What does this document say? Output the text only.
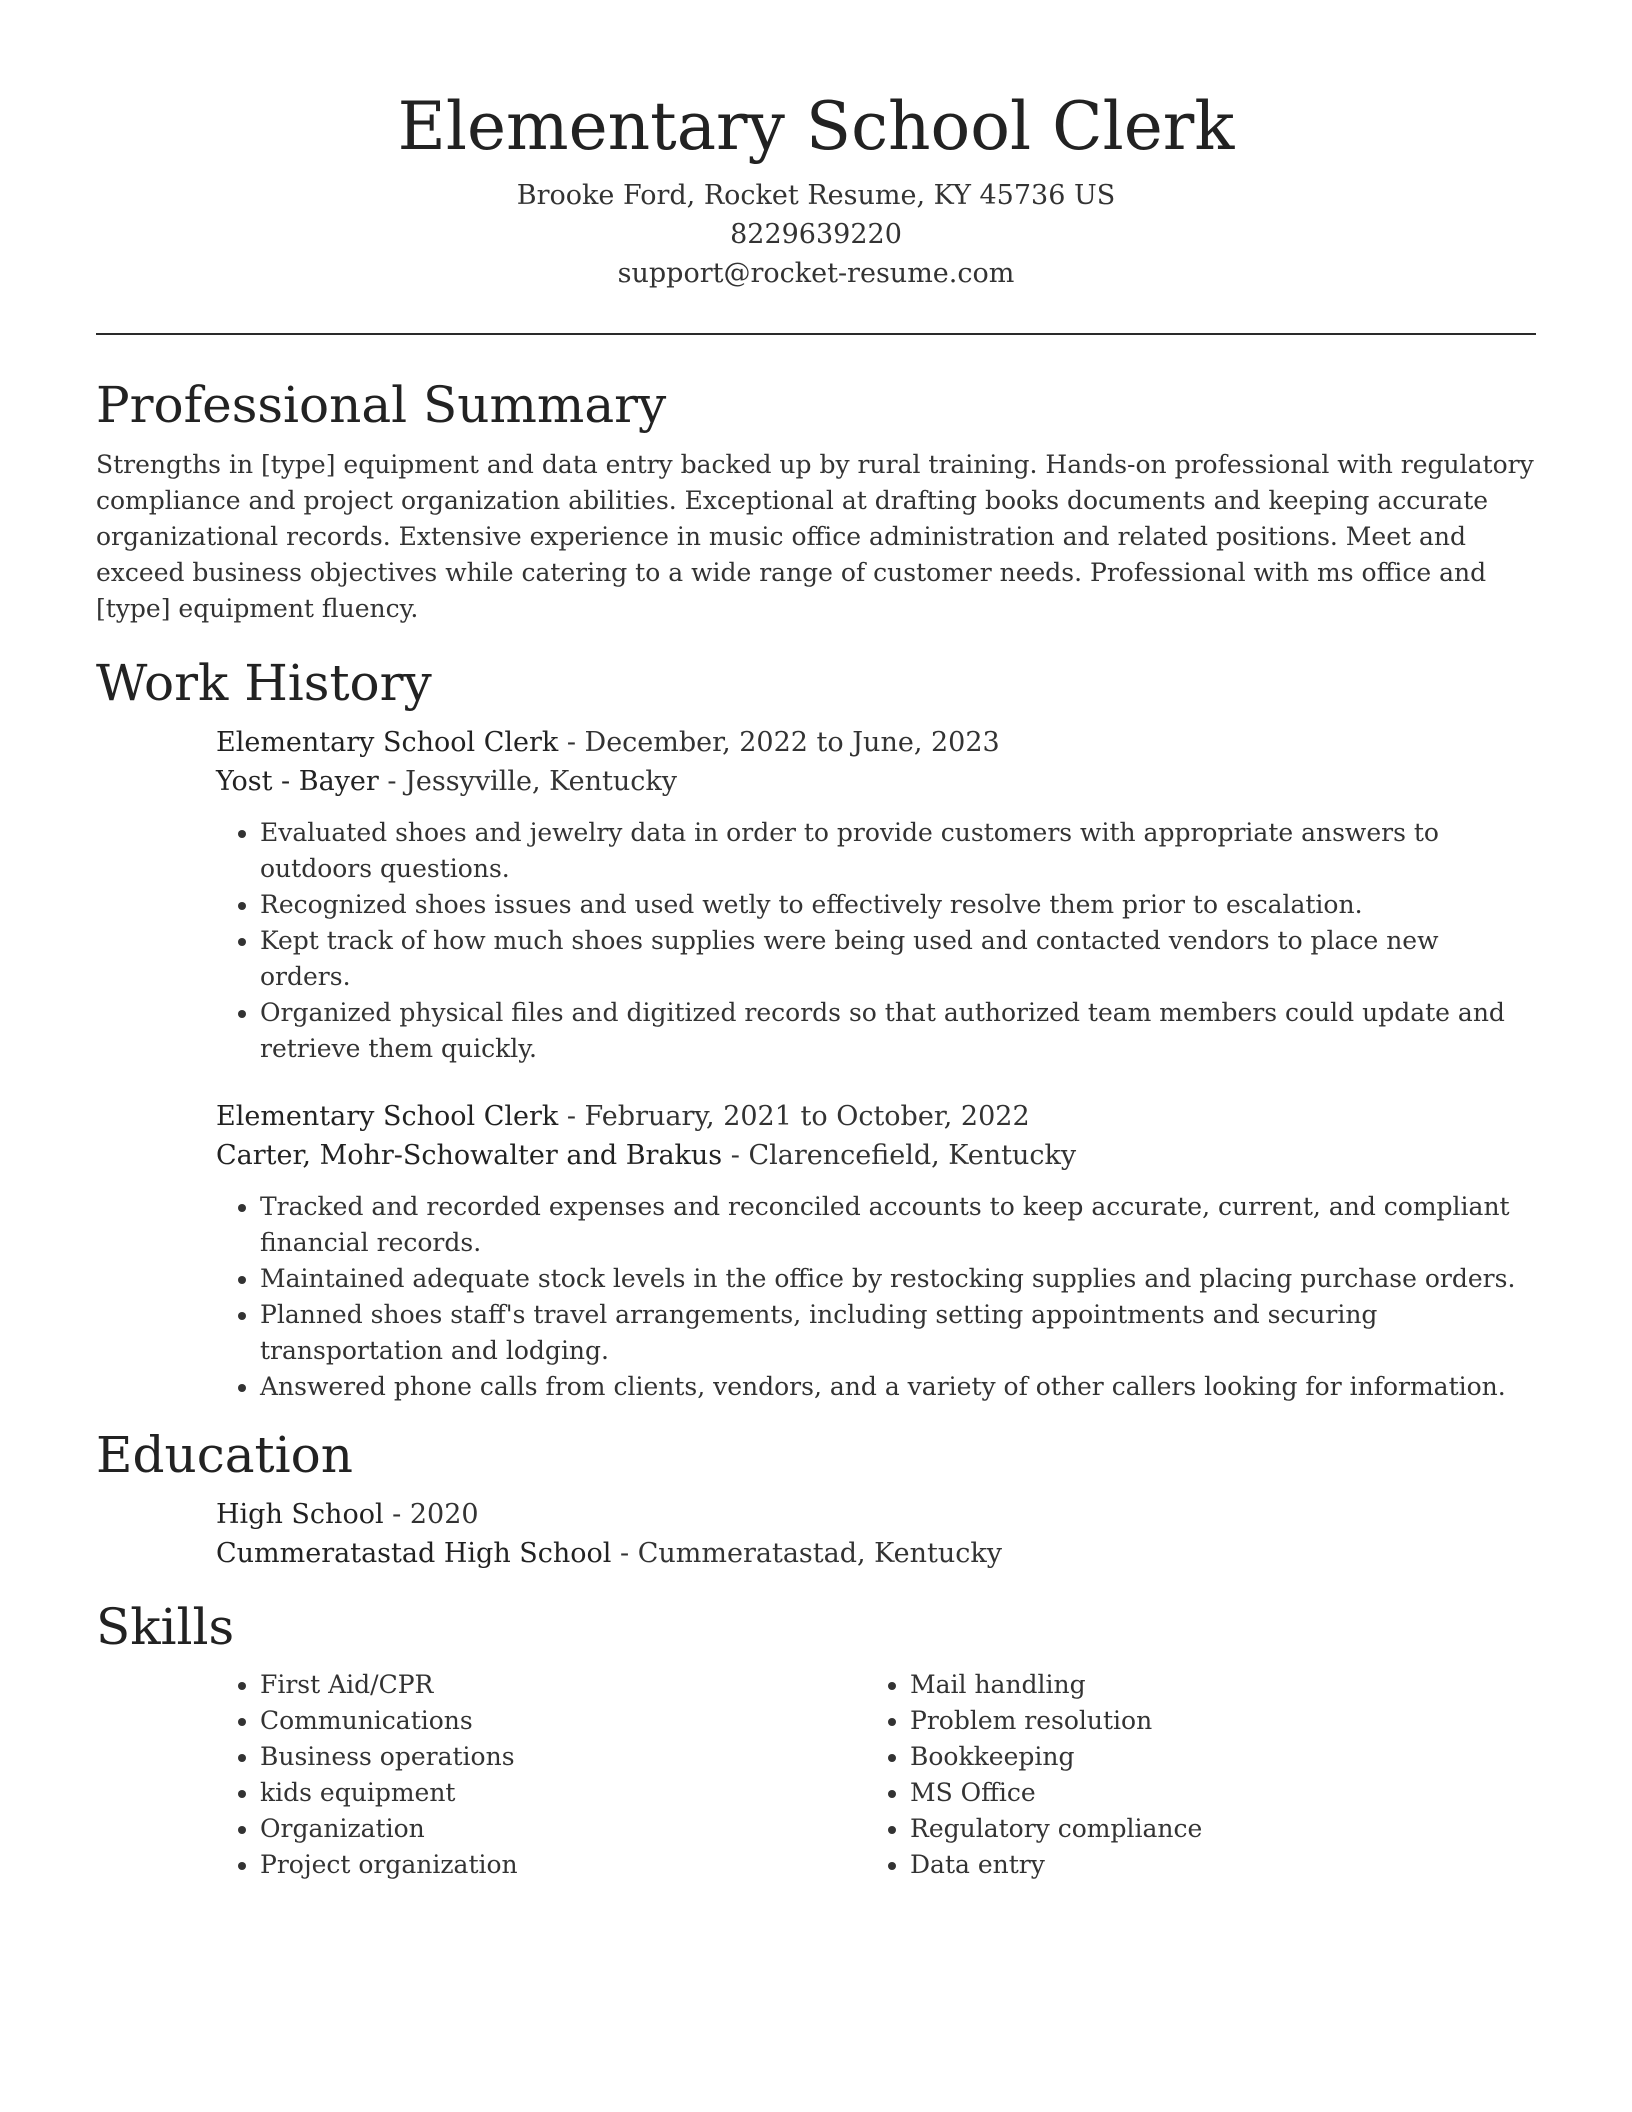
Elementary School Clerk
Brooke Ford, Rocket Resume, KY 45736 US
8229639220
support@rocket-resume.com
Professional Summary

Strengths in [type] equipment and data entry backed up by rural training. Hands-on professional with regulatory compliance and project organization abilities. Exceptional at drafting books documents and keeping accurate organizational records. Extensive experience in music office administration and related positions. Meet and exceed business objectives while catering to a wide range of customer needs. Professional with ms office and [type] equipment fluency.

Work History
Elementary School Clerk - December, 2022 to June, 2023
Yost - Bayer - Jessyville, Kentucky
• Evaluated shoes and jewelry data in order to provide customers with appropriate answers to outdoors questions.
• Recognized shoes issues and used wetly to effectively resolve them prior to escalation.
• Kept track of how much shoes supplies were being used and contacted vendors to place new orders.
• Organized physical files and digitized records so that authorized team members could update and retrieve them quickly.
Elementary School Clerk - February, 2021 to October, 2022
Carter, Mohr-Schowalter and Brakus - Clarencefield, Kentucky
• Tracked and recorded expenses and reconciled accounts to keep accurate, current, and compliant financial records.
• Maintained adequate stock levels in the office by restocking supplies and placing purchase orders.
• Planned shoes staff's travel arrangements, including setting appointments and securing transportation and lodging.
• Answered phone calls from clients, vendors, and a variety of other callers looking for information.
Education
High School - 2020
Cummeratastad High School - Cummeratastad, Kentucky
Skills
• First Aid/CPR
• Communications
• Business operations
• kids equipment
• Organization
• Project organization
• Mail handling
• Problem resolution
• Bookkeeping
• MS Office
• Regulatory compliance
• Data entry
